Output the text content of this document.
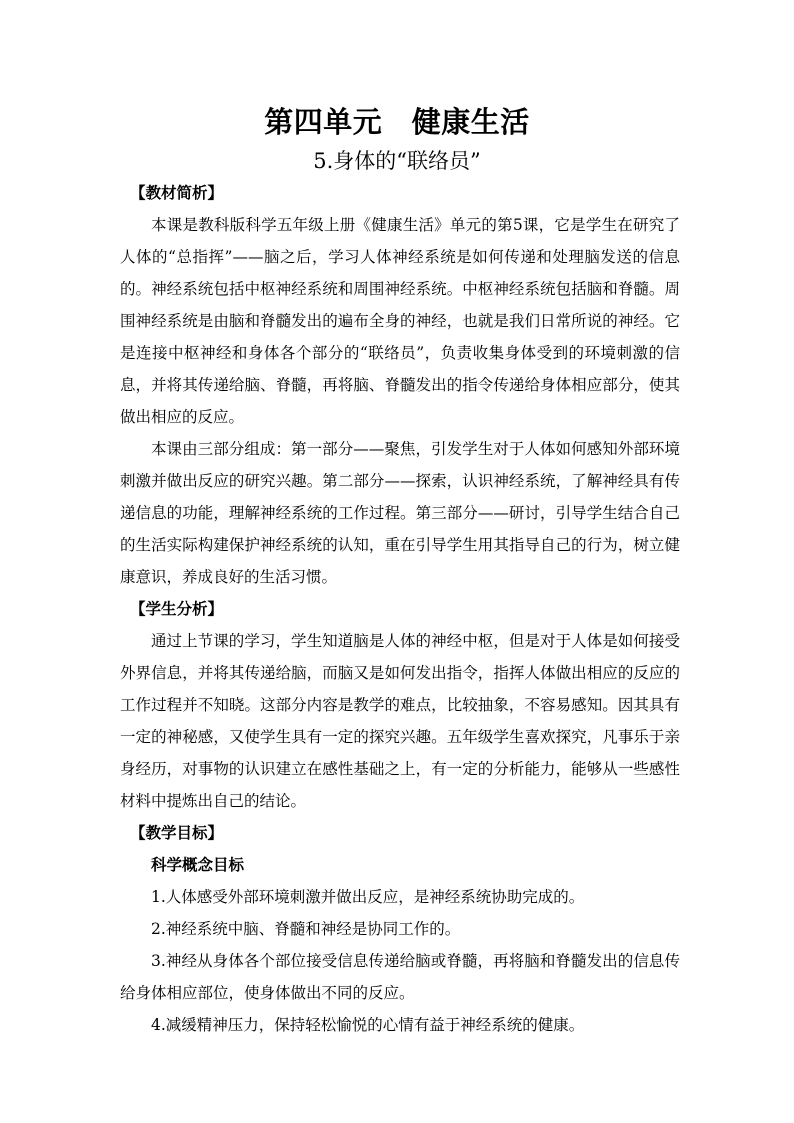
第四单元　健康生活
5.身体的“联络员”

【教材简析】

本课是教科版科学五年级上册《健康生活》单元的第5课，它是学生在研究了人体的“总指挥”——脑之后，学习人体神经系统是如何传递和处理脑发送的信息的。神经系统包括中枢神经系统和周围神经系统。中枢神经系统包括脑和脊髓。周围神经系统是由脑和脊髓发出的遍布全身的神经，也就是我们日常所说的神经。它是连接中枢神经和身体各个部分的“联络员”，负责收集身体受到的环境刺激的信息，并将其传递给脑、脊髓，再将脑、脊髓发出的指令传递给身体相应部分，使其做出相应的反应。

本课由三部分组成：第一部分——聚焦，引发学生对于人体如何感知外部环境刺激并做出反应的研究兴趣。第二部分——探索，认识神经系统，了解神经具有传递信息的功能，理解神经系统的工作过程。第三部分——研讨，引导学生结合自己的生活实际构建保护神经系统的认知，重在引导学生用其指导自己的行为，树立健康意识，养成良好的生活习惯。

【学生分析】

通过上节课的学习，学生知道脑是人体的神经中枢，但是对于人体是如何接受外界信息，并将其传递给脑，而脑又是如何发出指令，指挥人体做出相应的反应的工作过程并不知晓。这部分内容是教学的难点，比较抽象，不容易感知。因其具有一定的神秘感，又使学生具有一定的探究兴趣。五年级学生喜欢探究，凡事乐于亲身经历，对事物的认识建立在感性基础之上，有一定的分析能力，能够从一些感性材料中提炼出自己的结论。

【教学目标】

科学概念目标

1.人体感受外部环境刺激并做出反应，是神经系统协助完成的。

2.神经系统中脑、脊髓和神经是协同工作的。

3.神经从身体各个部位接受信息传递给脑或脊髓，再将脑和脊髓发出的信息传给身体相应部位，使身体做出不同的反应。

4.减缓精神压力，保持轻松愉悦的心情有益于神经系统的健康。
